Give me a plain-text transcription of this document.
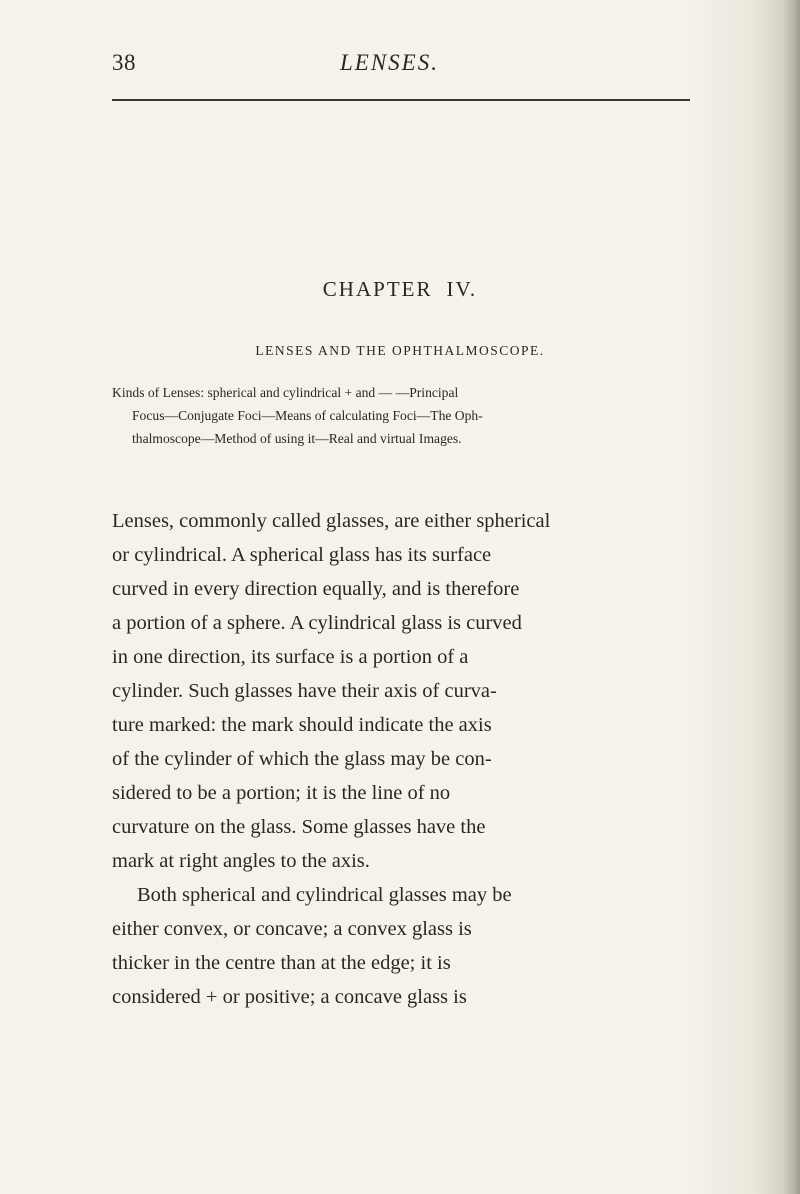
38	LENSES.
CHAPTER IV.
LENSES AND THE OPHTHALMOSCOPE.
Kinds of Lenses: spherical and cylindrical + and — —Principal
Focus—Conjugate Foci—Means of calculating Foci—The Oph-
thalmoscope—Method of using it—Real and virtual Images.
Lenses, commonly called glasses, are either spherical
or cylindrical. A spherical glass has its surface
curved in every direction equally, and is therefore
a portion of a sphere. A cylindrical glass is curved
in one direction, its surface is a portion of a
cylinder. Such glasses have their axis of curva-
ture marked: the mark should indicate the axis
of the cylinder of which the glass may be con-
sidered to be a portion; it is the line of no
curvature on the glass. Some glasses have the
mark at right angles to the axis.
Both spherical and cylindrical glasses may be
either convex, or concave; a convex glass is
thicker in the centre than at the edge; it is
considered + or positive; a concave glass is
